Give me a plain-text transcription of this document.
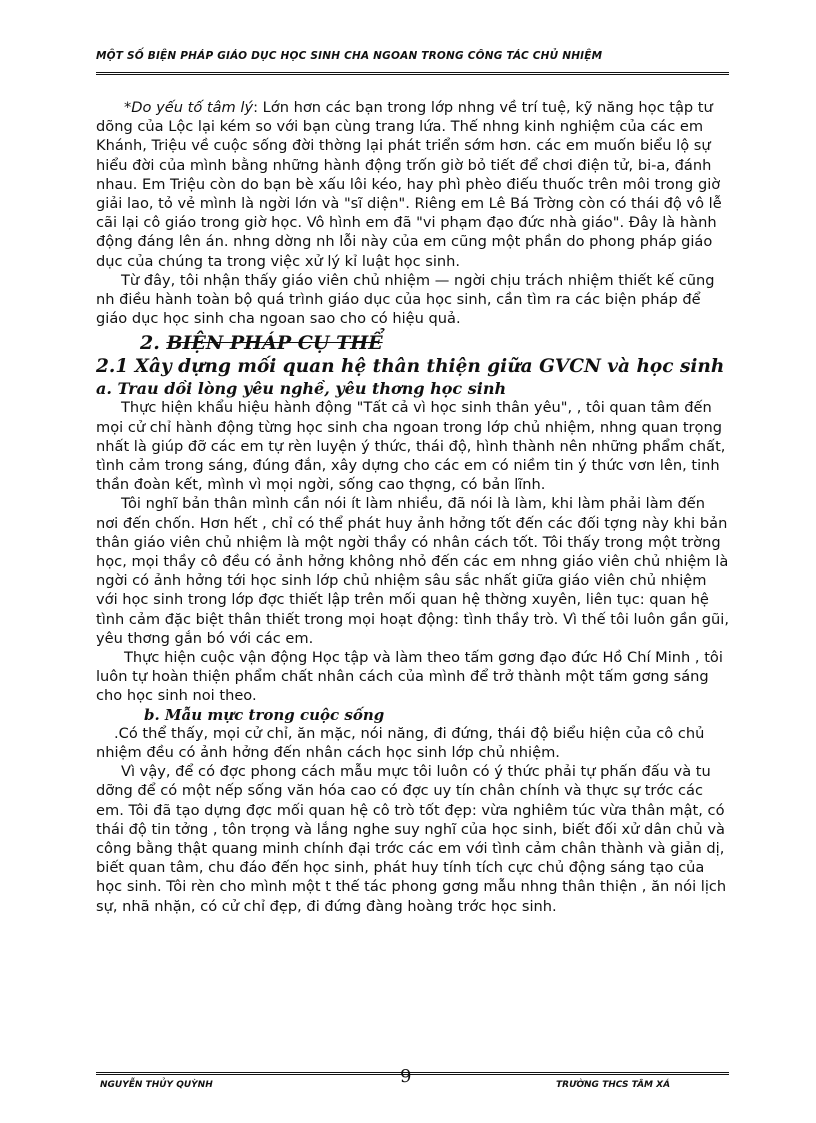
MỘT SỐ BIỆN PHÁP GIÁO DỤC HỌC SINH CHA NGOAN TRONG CÔNG TÁC CHỦ NHIỆM

*Do yếu tố tâm lý: Lớn hơn các bạn trong lớp nhng về trí tuệ, kỹ năng học tập tư dõng của Lộc lại kém so với bạn cùng trang lứa. Thế nhng kinh nghiệm của các em Khánh, Triệu về cuộc sống đời thờng lại phát triển sớm hơn. các em muốn biểu lộ sự hiểu đời của mình bằng những hành động trốn giờ bỏ tiết để chơi điện tử, bi-a, đánh nhau. Em Triệu còn do bạn bè xấu lôi kéo, hay phì phèo điếu thuốc trên môi trong giờ giải lao, tỏ vẻ mình là ngời lớn và "sĩ diện". Riêng em Lê Bá Trờng còn có thái độ vô lễ cãi lại cô giáo trong giờ học. Vô hình em đã "vi phạm đạo đức nhà giáo". Đây là hành động đáng lên án. nhng dờng nh lỗi này của em cũng một phần do phong pháp giáo dục của chúng ta trong việc xử lý kỉ luật học sinh.

Từ đây, tôi nhận thấy giáo viên chủ nhiệm — ngời chịu trách nhiệm thiết kế cũng nh điều hành toàn bộ quá trình giáo dục của học sinh, cần tìm ra các biện pháp để giáo dục học sinh cha ngoan sao cho có hiệu quả.

2. BIỆN PHÁP CỤ THỂ
2.1 Xây dựng mối quan hệ thân thiện giữa GVCN và học sinh
a. Trau dồi lòng yêu nghề, yêu thơng học sinh

Thực hiện khẩu hiệu hành động "Tất cả vì học sinh thân yêu", , tôi quan tâm đến mọi cử chỉ hành động từng học sinh cha ngoan trong lớp chủ nhiệm, nhng quan trọng nhất là giúp đỡ các em tự rèn luyện ý thức, thái độ, hình thành nên những phẩm chất, tình cảm trong sáng, đúng đắn, xây dựng cho các em có niềm tin ý thức vơn lên, tinh thần đoàn kết, mình vì mọi ngời, sống cao thợng, có bản lĩnh.

Tôi nghĩ bản thân mình cần nói ít làm nhiều, đã nói là làm, khi làm phải làm đến nơi đến chốn. Hơn hết , chỉ có thể phát huy ảnh hởng tốt đến các đối tợng này khi bản thân giáo viên chủ nhiệm là một ngời thầy có nhân cách tốt. Tôi thấy trong một trờng học, mọi thầy cô đều có ảnh hởng không nhỏ đến các em nhng giáo viên chủ nhiệm là ngời có ảnh hởng tới học sinh lớp chủ nhiệm sâu sắc nhất giữa giáo viên chủ nhiệm với học sinh trong lớp đợc thiết lập trên mối quan hệ thờng xuyên, liên tục: quan hệ tình cảm đặc biệt thân thiết trong mọi hoạt động: tình thầy trò. Vì thế tôi luôn gần gũi, yêu thơng gắn bó với các em.

Thực hiện cuộc vận động Học tập và làm theo tấm gơng đạo đức Hồ Chí Minh , tôi luôn tự hoàn thiện phẩm chất nhân cách của mình để trở thành một tấm gơng sáng cho học sinh noi theo.

b. Mẫu mực trong cuộc sống

.Có thể thấy, mọi cử chỉ, ăn mặc, nói năng, đi đứng, thái độ biểu hiện của cô chủ nhiệm đều có ảnh hởng đến nhân cách học sinh lớp chủ nhiệm.

Vì vậy, để có đợc phong cách mẫu mực tôi luôn có ý thức phải tự phấn đấu và tu dỡng để có một nếp sống văn hóa cao có đợc uy tín chân chính và thực sự trớc các em. Tôi đã tạo dựng đợc mối quan hệ cô trò tốt đẹp: vừa nghiêm túc vừa thân mật, có thái độ tin tởng , tôn trọng và lắng nghe suy nghĩ của học sinh, biết đối xử dân chủ và công bằng thật quang minh chính đại trớc các em với tình cảm chân thành và giản dị, biết quan tâm, chu đáo đến học sinh, phát huy tính tích cực chủ động sáng tạo của học sinh. Tôi rèn cho mình một t thế tác phong gơng mẫu nhng thân thiện , ăn nói lịch sự, nhã nhặn, có cử chỉ đẹp, đi đứng đàng hoàng trớc học sinh.

NGUYỄN THỦY QUỲNH	9	TRƯỜNG THCS TÂM XÁ
